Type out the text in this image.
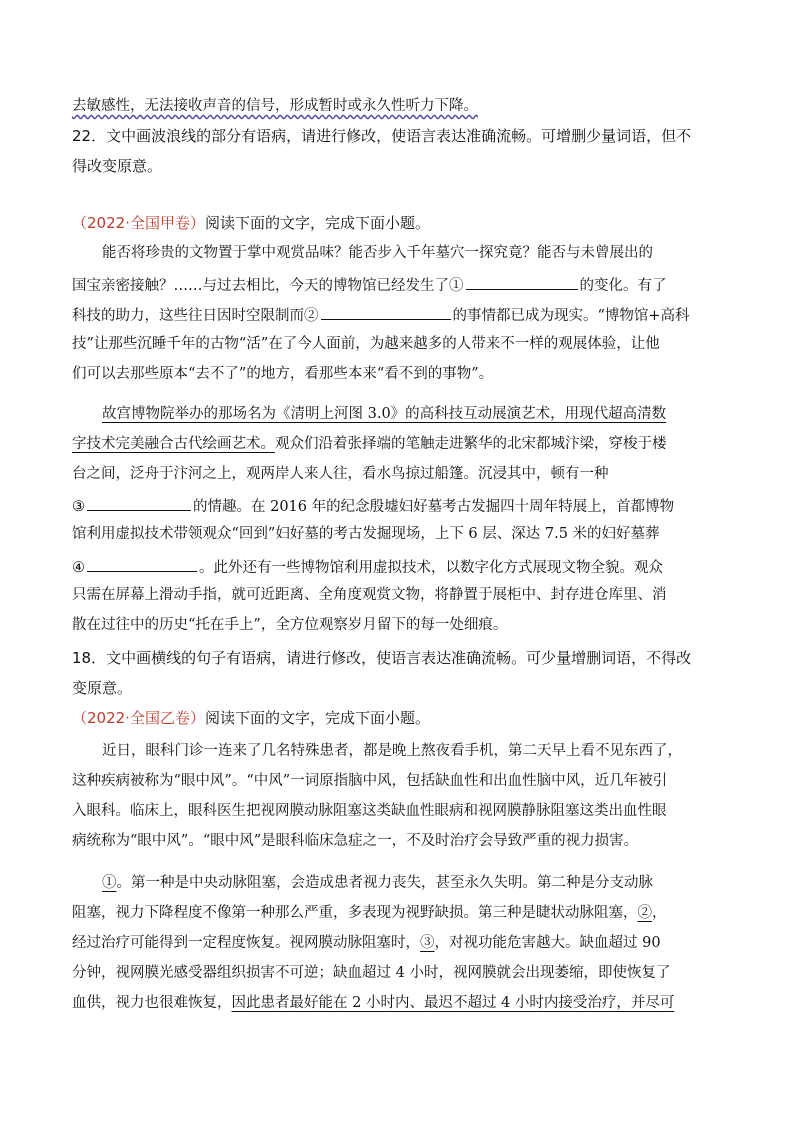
去敏感性，无法接收声音的信号，形成暂时或永久性听力下降。
22．文中画波浪线的部分有语病，请进行修改，使语言表达准确流畅。可增删少量词语，但不
得改变原意。
（2022·全国甲卷）阅读下面的文字，完成下面小题。
能否将珍贵的文物置于掌中观赏品味？能否步入千年墓穴一探究竟？能否与未曾展出的
国宝亲密接触？……与过去相比，今天的博物馆已经发生了①	的变化。有了
科技的助力，这些往日因时空限制而②	的事情都已成为现实。“博物馆+高科
技”让那些沉睡千年的古物“活”在了今人面前，为越来越多的人带来不一样的观展体验，让他
们可以去那些原本“去不了”的地方，看那些本来“看不到的事物”。
故宫博物院举办的那场名为《清明上河图 3.0》的高科技互动展演艺术，用现代超高清数
字技术完美融合古代绘画艺术。观众们沿着张择端的笔触走进繁华的北宋都城汴梁，穿梭于楼
台之间，泛舟于汴河之上，观两岸人来人往，看水鸟掠过船篷。沉浸其中，顿有一种
③	的情趣。在 2016 年的纪念殷墟妇好墓考古发掘四十周年特展上，首都博物
馆利用虚拟技术带领观众“回到”妇好墓的考古发掘现场，上下 6 层、深达 7.5 米的妇好墓葬
④	。此外还有一些博物馆利用虚拟技术，以数字化方式展现文物全貌。观众
只需在屏幕上滑动手指，就可近距离、全角度观赏文物，将静置于展柜中、封存进仓库里、消
散在过往中的历史“托在手上”，全方位观察岁月留下的每一处细痕。
18．文中画横线的句子有语病，请进行修改，使语言表达准确流畅。可少量增删词语，不得改
变原意。
（2022·全国乙卷）阅读下面的文字，完成下面小题。
近日，眼科门诊一连来了几名特殊患者，都是晚上熬夜看手机，第二天早上看不见东西了，
这种疾病被称为“眼中风”。“中风”一词原指脑中风，包括缺血性和出血性脑中风，近几年被引
入眼科。临床上，眼科医生把视网膜动脉阻塞这类缺血性眼病和视网膜静脉阻塞这类出血性眼
病统称为“眼中风”。“眼中风”是眼科临床急症之一，不及时治疗会导致严重的视力损害。
①。第一种是中央动脉阻塞，会造成患者视力丧失，甚至永久失明。第二种是分支动脉
阻塞，视力下降程度不像第一种那么严重，多表现为视野缺损。第三种是睫状动脉阻塞，②，
经过治疗可能得到一定程度恢复。视网膜动脉阻塞时，③，对视功能危害越大。缺血超过 90
分钟，视网膜光感受器组织损害不可逆；缺血超过 4 小时，视网膜就会出现萎缩，即使恢复了
血供，视力也很难恢复，因此患者最好能在 2 小时内、最迟不超过 4 小时内接受治疗，并尽可
